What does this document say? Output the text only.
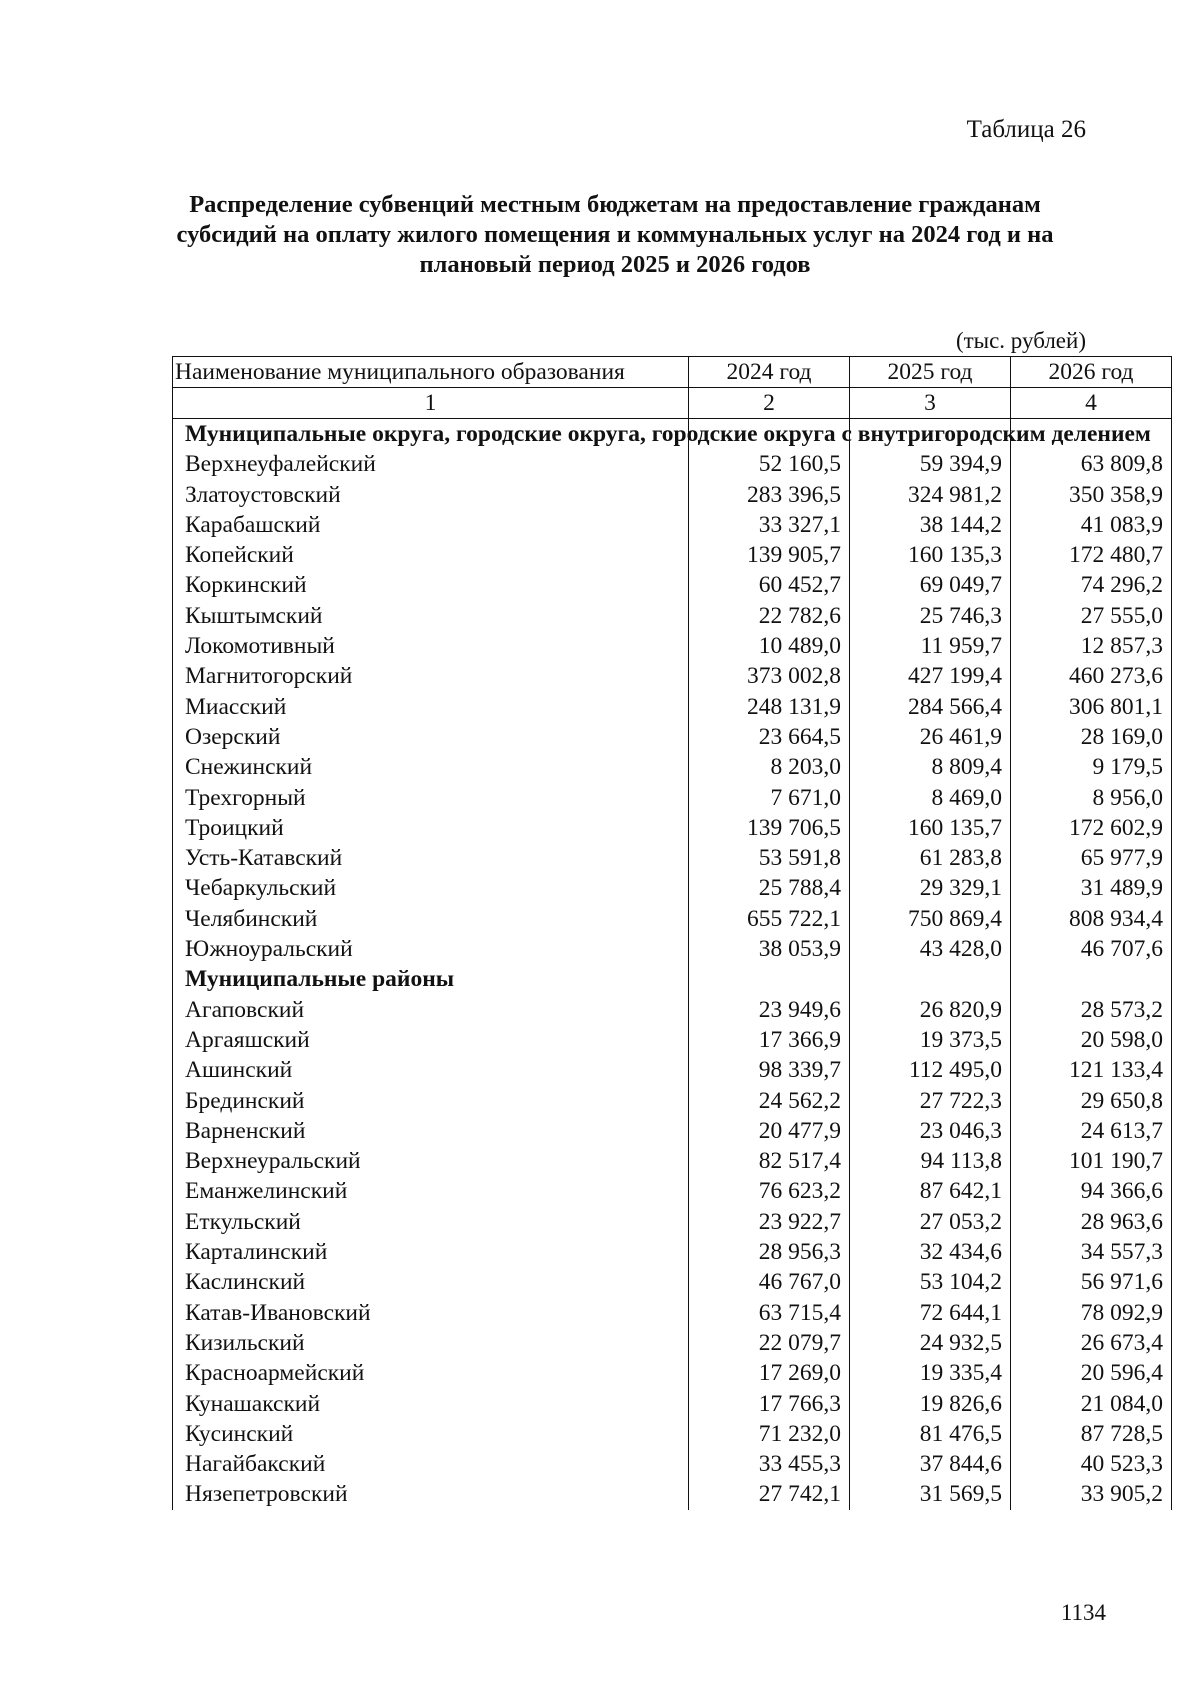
Таблица 26
Распределение субвенций местным бюджетам на предоставление гражданам субсидий на оплату жилого помещения и коммунальных услуг на 2024 год и на плановый период 2025 и 2026 годов
(тыс. рублей)
Наименование муниципального образования	2024 год	2025 год	2026 год
1	2	3	4
Муниципальные округа, городские округа, городские округа с внутригородским делением			
Верхнеуфалейский	52 160,5	59 394,9	63 809,8
Златоустовский	283 396,5	324 981,2	350 358,9
Карабашский	33 327,1	38 144,2	41 083,9
Копейский	139 905,7	160 135,3	172 480,7
Коркинский	60 452,7	69 049,7	74 296,2
Кыштымский	22 782,6	25 746,3	27 555,0
Локомотивный	10 489,0	11 959,7	12 857,3
Магнитогорский	373 002,8	427 199,4	460 273,6
Миасский	248 131,9	284 566,4	306 801,1
Озерский	23 664,5	26 461,9	28 169,0
Снежинский	8 203,0	8 809,4	9 179,5
Трехгорный	7 671,0	8 469,0	8 956,0
Троицкий	139 706,5	160 135,7	172 602,9
Усть-Катавский	53 591,8	61 283,8	65 977,9
Чебаркульский	25 788,4	29 329,1	31 489,9
Челябинский	655 722,1	750 869,4	808 934,4
Южноуральский	38 053,9	43 428,0	46 707,6
Муниципальные районы			
Агаповский	23 949,6	26 820,9	28 573,2
Аргаяшский	17 366,9	19 373,5	20 598,0
Ашинский	98 339,7	112 495,0	121 133,4
Брединский	24 562,2	27 722,3	29 650,8
Варненский	20 477,9	23 046,3	24 613,7
Верхнеуральский	82 517,4	94 113,8	101 190,7
Еманжелинский	76 623,2	87 642,1	94 366,6
Еткульский	23 922,7	27 053,2	28 963,6
Карталинский	28 956,3	32 434,6	34 557,3
Каслинский	46 767,0	53 104,2	56 971,6
Катав-Ивановский	63 715,4	72 644,1	78 092,9
Кизильский	22 079,7	24 932,5	26 673,4
Красноармейский	17 269,0	19 335,4	20 596,4
Кунашакский	17 766,3	19 826,6	21 084,0
Кусинский	71 232,0	81 476,5	87 728,5
Нагайбакский	33 455,3	37 844,6	40 523,3
Нязепетровский	27 742,1	31 569,5	33 905,2
1134
